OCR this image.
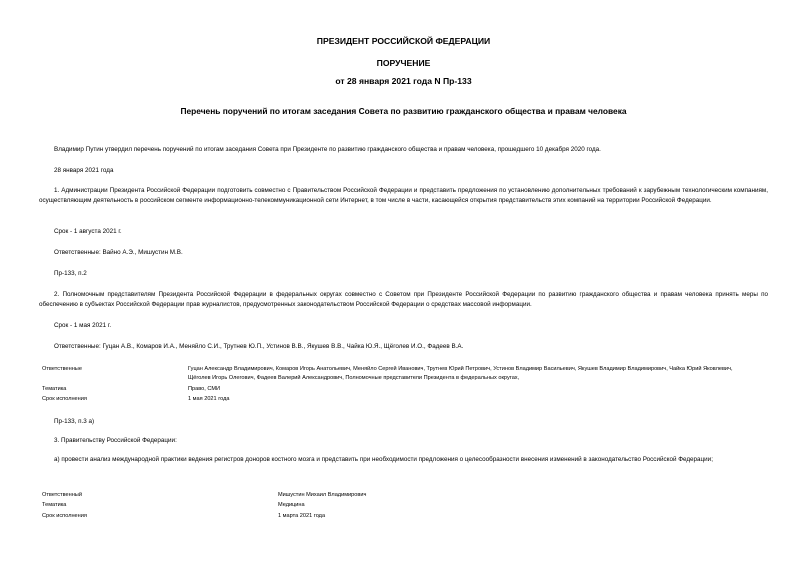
ПРЕЗИДЕНТ РОССИЙСКОЙ ФЕДЕРАЦИИ
ПОРУЧЕНИЕ
от 28 января 2021 года N Пр-133
Перечень поручений по итогам заседания Совета по развитию гражданского общества и правам человека
Владимир Путин утвердил перечень поручений по итогам заседания Совета при Президенте по развитию гражданского общества и правам человека, прошедшего 10 декабря 2020 года.
28 января 2021 года
1. Администрации Президента Российской Федерации подготовить совместно с Правительством Российской Федерации и представить предложения по установлению дополнительных требований к зарубежным технологическим компаниям, осуществляющим деятельность в российском сегменте информационно-телекоммуникационной сети Интернет, в том числе в части, касающейся открытия представительств этих компаний на территории Российской Федерации.
Срок - 1 августа 2021 г.
Ответственные: Вайно А.Э., Мишустин М.В.
Пр-133, п.2
2. Полномочным представителям Президента Российской Федерации в федеральных округах совместно с Советом при Президенте Российской Федерации по развитию гражданского общества и правам человека принять меры по обеспечению в субъектах Российской Федерации прав журналистов, предусмотренных законодательством Российской Федерации о средствах массовой информации.
Срок - 1 мая 2021 г.
Ответственные: Гуцан А.В., Комаров И.А., Меняйло С.И., Трутнев Ю.П., Устинов В.В., Якушев В.В., Чайка Ю.Я., Щёголев И.О., Фадеев В.А.
Ответственные	Гуцан Александр Владимирович, Комаров Игорь Анатольевич, Меняйло Сергей Иванович, Трутнев Юрий Петрович, Устинов Владимир Васильевич, Якушев Владимир Владимирович, Чайка Юрий Яковлевич, Щёголев Игорь Олегович, Фадеев Валерий Александрович, Полномочные представители Президента в федеральных округах,
Тематика	Право, СМИ
Срок исполнения	1 мая 2021 года
Пр-133, п.3 а)
3. Правительству Российской Федерации:
а) провести анализ международной практики ведения регистров доноров костного мозга и представить при необходимости предложения о целесообразности внесения изменений в законодательство Российской Федерации;
Ответственный	Мишустин Михаил Владимирович
Тематика	Медицина
Срок исполнения	1 марта 2021 года
